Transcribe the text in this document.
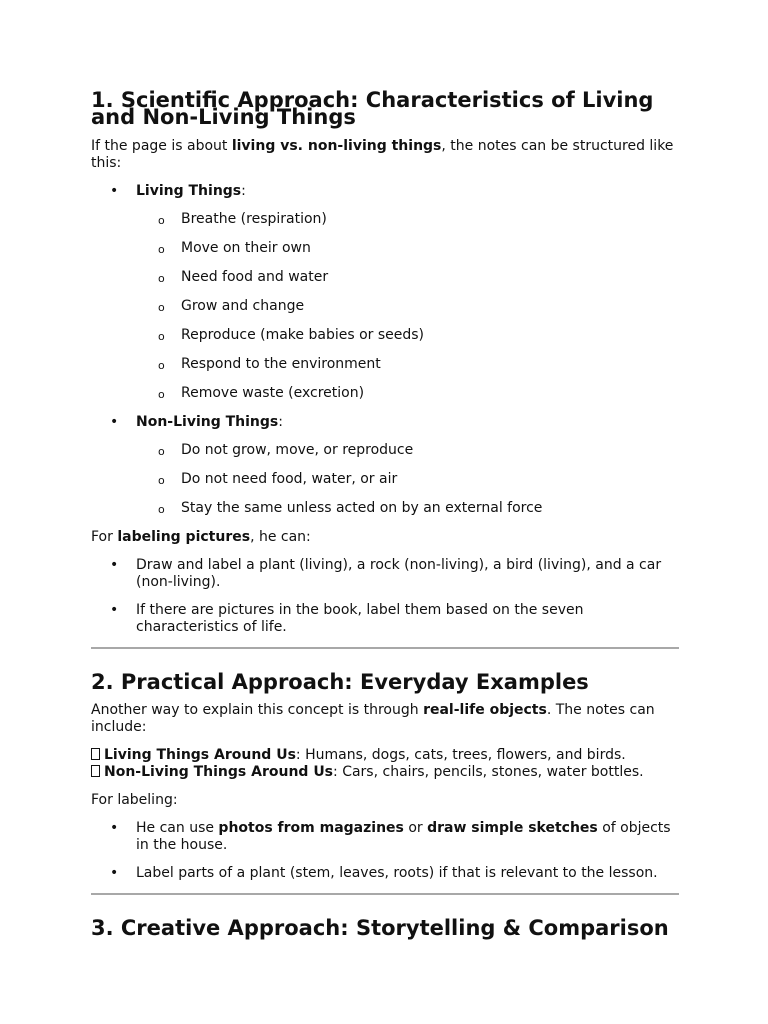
1. Scientific Approach: Characteristics of Living and Non-Living Things

If the page is about living vs. non-living things, the notes can be structured like this:

• Living Things:
o Breathe (respiration)
o Move on their own
o Need food and water
o Grow and change
o Reproduce (make babies or seeds)
o Respond to the environment
o Remove waste (excretion)
• Non-Living Things:
o Do not grow, move, or reproduce
o Do not need food, water, or air
o Stay the same unless acted on by an external force

For labeling pictures, he can:

• Draw and label a plant (living), a rock (non-living), a bird (living), and a car (non-living).
• If there are pictures in the book, label them based on the seven characteristics of life.
2. Practical Approach: Everyday Examples

Another way to explain this concept is through real-life objects. The notes can include:

Living Things Around Us: Humans, dogs, cats, trees, flowers, and birds.

Non-Living Things Around Us: Cars, chairs, pencils, stones, water bottles.

For labeling:

• He can use photos from magazines or draw simple sketches of objects in the house.
• Label parts of a plant (stem, leaves, roots) if that is relevant to the lesson.
3. Creative Approach: Storytelling & Comparison
